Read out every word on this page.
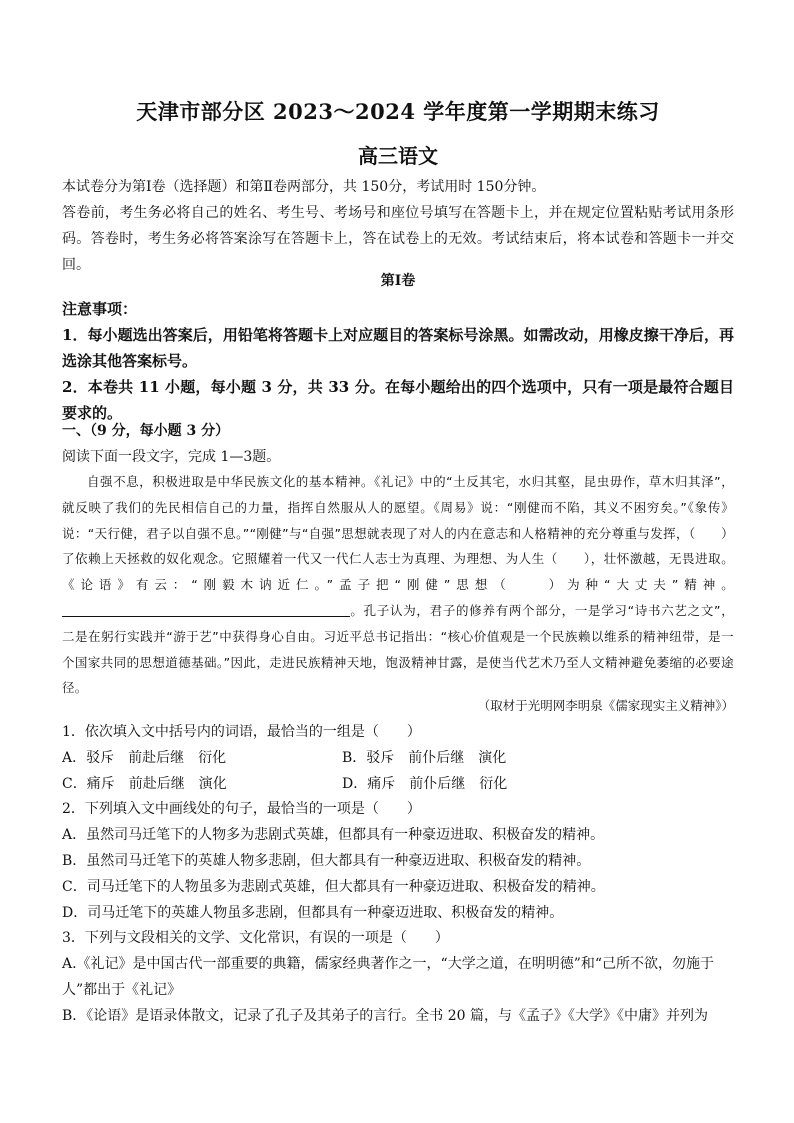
天津市部分区 2023～2024 学年度第一学期期末练习
高三语文

本试卷分为第Ⅰ卷（选择题）和第Ⅱ卷两部分，共 150分，考试用时 150分钟。

答卷前，考生务必将自己的姓名、考生号、考场号和座位号填写在答题卡上，并在规定位置粘贴考试用条形码。答卷时，考生务必将答案涂写在答题卡上，答在试卷上的无效。考试结束后，将本试卷和答题卡一并交回。

第Ⅰ卷

注意事项：

1．每小题选出答案后，用铅笔将答题卡上对应题目的答案标号涂黑。如需改动，用橡皮擦干净后，再选涂其他答案标号。

2．本卷共 11 小题，每小题 3 分，共 33 分。在每小题给出的四个选项中，只有一项是最符合题目要求的。

一、（9 分，每小题 3 分）
阅读下面一段文字，完成 1—3题。

自强不息，积极进取是中华民族文化的基本精神。《礼记》中的“土反其宅，水归其壑，昆虫毋作，草木归其泽”，就反映了我们的先民相信自己的力量，指挥自然服从人的愿望。《周易》说：“刚健而不陷，其义不困穷矣。”《象传》说：“天行健，君子以自强不息。”“刚健”与“自强”思想就表现了对人的内在意志和人格精神的充分尊重与发挥，（　　）了依赖上天拯救的奴化观念。它照耀着一代又一代仁人志士为真理、为理想、为人生（　　），壮怀激越，无畏进取。《论语》有云：“刚毅木讷近仁。”孟子把“刚健”思想（　　）为种“大丈夫”精神。。孔子认为，君子的修养有两个部分，一是学习“诗书六艺之文”，二是在躬行实践并“游于艺”中获得身心自由。习近平总书记指出：“核心价值观是一个民族赖以维系的精神纽带，是一个国家共同的思想道德基础。”因此，走进民族精神天地，饱汲精神甘露，是使当代艺术乃至人文精神避免萎缩的必要途径。

（取材于光明网李明泉《儒家现实主义精神》）

1．依次填入文中括号内的词语，最恰当的一组是（　　）

A．驳斥　前赴后继　衍化	B．驳斥　前仆后继　演化
C．痛斥　前赴后继　演化	D．痛斥　前仆后继　衍化

2．下列填入文中画线处的句子，最恰当的一项是（　　）

A．虽然司马迁笔下的人物多为悲剧式英雄，但都具有一种豪迈进取、积极奋发的精神。

B．虽然司马迁笔下的英雄人物多悲剧，但大都具有一种豪迈进取、积极奋发的精神。

C．司马迁笔下的人物虽多为悲剧式英雄，但大都具有一种豪迈进取、积极奋发的精神。

D．司马迁笔下的英雄人物虽多悲剧，但都具有一种豪迈进取、积极奋发的精神。

3．下列与文段相关的文学、文化常识，有误的一项是（　　）

A.《礼记》是中国古代一部重要的典籍，儒家经典著作之一，“大学之道，在明明德”和“己所不欲，勿施于人”都出于《礼记》

B．《论语》是语录体散文，记录了孔子及其弟子的言行。全书 20 篇，与《孟子》《大学》《中庸》并列为
